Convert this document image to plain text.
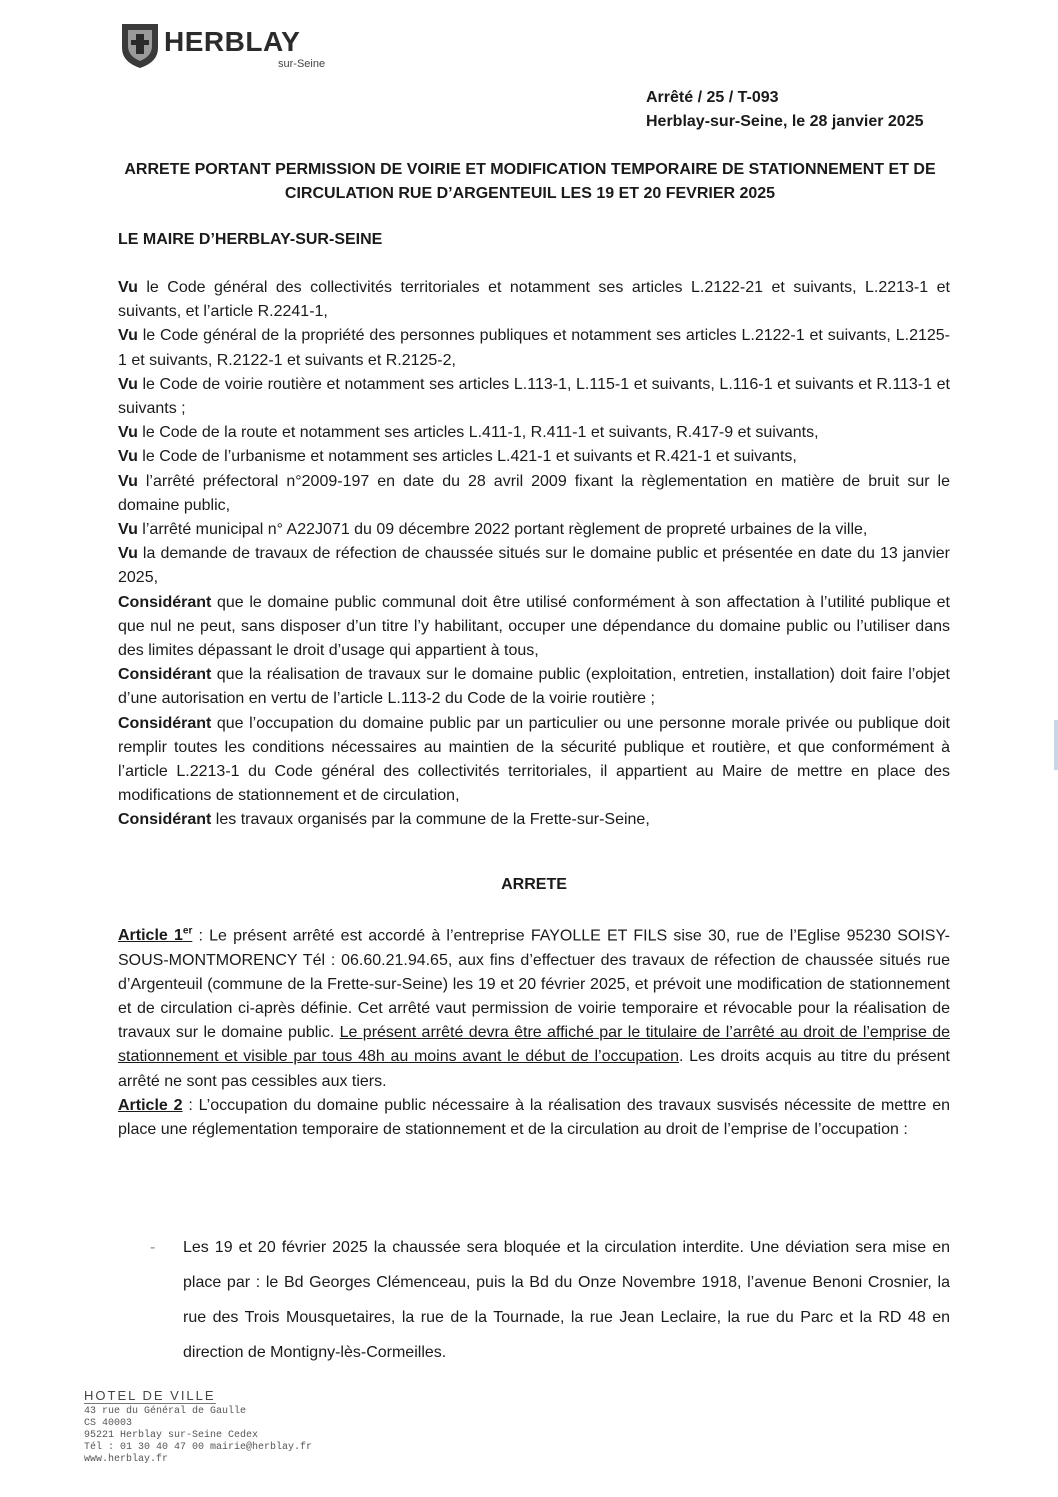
HERBLAY
sur-Seine
Arrêté / 25 / T-093
Herblay-sur-Seine, le 28 janvier 2025
ARRETE PORTANT PERMISSION DE VOIRIE ET MODIFICATION TEMPORAIRE DE STATIONNEMENT ET DE
CIRCULATION RUE D’ARGENTEUIL LES 19 ET 20 FEVRIER 2025
LE MAIRE D’HERBLAY-SUR-SEINE

Vu le Code général des collectivités territoriales et notamment ses articles L.2122-21 et suivants, L.2213-1 et suivants, et l’article R.2241-1,

Vu le Code général de la propriété des personnes publiques et notamment ses articles L.2122-1 et suivants, L.2125-1 et suivants, R.2122-1 et suivants et R.2125-2,

Vu le Code de voirie routière et notamment ses articles L.113-1, L.115-1 et suivants, L.116-1 et suivants et R.113-1 et suivants ;

Vu le Code de la route et notamment ses articles L.411-1, R.411-1 et suivants, R.417-9 et suivants,

Vu le Code de l’urbanisme et notamment ses articles L.421-1 et suivants et R.421-1 et suivants,

Vu l’arrêté préfectoral n°2009-197 en date du 28 avril 2009 fixant la règlementation en matière de bruit sur le domaine public,

Vu l’arrêté municipal n° A22J071 du 09 décembre 2022 portant règlement de propreté urbaines de la ville,

Vu la demande de travaux de réfection de chaussée situés sur le domaine public et présentée en date du 13 janvier 2025,

Considérant que le domaine public communal doit être utilisé conformément à son affectation à l’utilité publique et que nul ne peut, sans disposer d’un titre l’y habilitant, occuper une dépendance du domaine public ou l’utiliser dans des limites dépassant le droit d’usage qui appartient à tous,

Considérant que la réalisation de travaux sur le domaine public (exploitation, entretien, installation) doit faire l’objet d’une autorisation en vertu de l’article L.113-2 du Code de la voirie routière ;

Considérant que l’occupation du domaine public par un particulier ou une personne morale privée ou publique doit remplir toutes les conditions nécessaires au maintien de la sécurité publique et routière, et que conformément à l’article L.2213-1 du Code général des collectivités territoriales, il appartient au Maire de mettre en place des modifications de stationnement et de circulation,

Considérant les travaux organisés par la commune de la Frette-sur-Seine,

ARRETE

Article 1er : Le présent arrêté est accordé à l’entreprise FAYOLLE ET FILS sise 30, rue de l’Eglise 95230 SOISY-SOUS-MONTMORENCY Tél : 06.60.21.94.65, aux fins d’effectuer des travaux de réfection de chaussée situés rue d’Argenteuil (commune de la Frette-sur-Seine) les 19 et 20 février 2025, et prévoit une modification de stationnement et de circulation ci-après définie. Cet arrêté vaut permission de voirie temporaire et révocable pour la réalisation de travaux sur le domaine public. Le présent arrêté devra être affiché par le titulaire de l’arrêté au droit de l’emprise de stationnement et visible par tous 48h au moins avant le début de l’occupation. Les droits acquis au titre du présent arrêté ne sont pas cessibles aux tiers.

Article 2 : L’occupation du domaine public nécessaire à la réalisation des travaux susvisés nécessite de mettre en place une réglementation temporaire de stationnement et de la circulation au droit de l’emprise de l’occupation :

- Les 19 et 20 février 2025 la chaussée sera bloquée et la circulation interdite. Une déviation sera mise en place par : le Bd Georges Clémenceau, puis la Bd du Onze Novembre 1918, l’avenue Benoni Crosnier, la rue des Trois Mousquetaires, la rue de la Tournade, la rue Jean Leclaire, la rue du Parc et la RD 48 en direction de Montigny-lès-Cormeilles.
HOTEL DE VILLE
43 rue du Général de Gaulle
CS 40003
95221 Herblay sur-Seine Cedex
Tél : 01 30 40 47 00 mairie@herblay.fr
www.herblay.fr
